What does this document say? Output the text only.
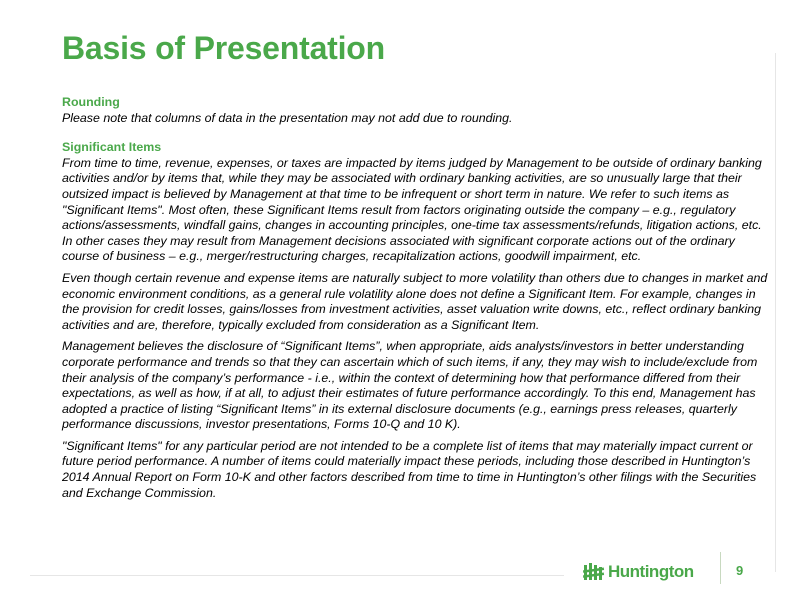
Basis of Presentation
Rounding

Please note that columns of data in the presentation may not add due to rounding.

Significant Items

From time to time, revenue, expenses, or taxes are impacted by items judged by Management to be outside of ordinary banking activities and/or by items that, while they may be associated with ordinary banking activities, are so unusually large that their outsized impact is believed by Management at that time to be infrequent or short term in nature. We refer to such items as "Significant Items". Most often, these Significant Items result from factors originating outside the company – e.g., regulatory actions/assessments, windfall gains, changes in accounting principles, one-time tax assessments/refunds, litigation actions, etc. In other cases they may result from Management decisions associated with significant corporate actions out of the ordinary course of business – e.g., merger/restructuring charges, recapitalization actions, goodwill impairment, etc.

Even though certain revenue and expense items are naturally subject to more volatility than others due to changes in market and economic environment conditions, as a general rule volatility alone does not define a Significant Item. For example, changes in the provision for credit losses, gains/losses from investment activities, asset valuation write downs, etc., reflect ordinary banking activities and are, therefore, typically excluded from consideration as a Significant Item.

Management believes the disclosure of “Significant Items”, when appropriate, aids analysts/investors in better understanding corporate performance and trends so that they can ascertain which of such items, if any, they may wish to include/exclude from their analysis of the company’s performance - i.e., within the context of determining how that performance differed from their expectations, as well as how, if at all, to adjust their estimates of future performance accordingly. To this end, Management has adopted a practice of listing “Significant Items” in its external disclosure documents (e.g., earnings press releases, quarterly performance discussions, investor presentations, Forms 10-Q and 10 K).

"Significant Items" for any particular period are not intended to be a complete list of items that may materially impact current or future period performance. A number of items could materially impact these periods, including those described in Huntington’s 2014 Annual Report on Form 10-K and other factors described from time to time in Huntington’s other filings with the Securities and Exchange Commission.

Huntington	9
